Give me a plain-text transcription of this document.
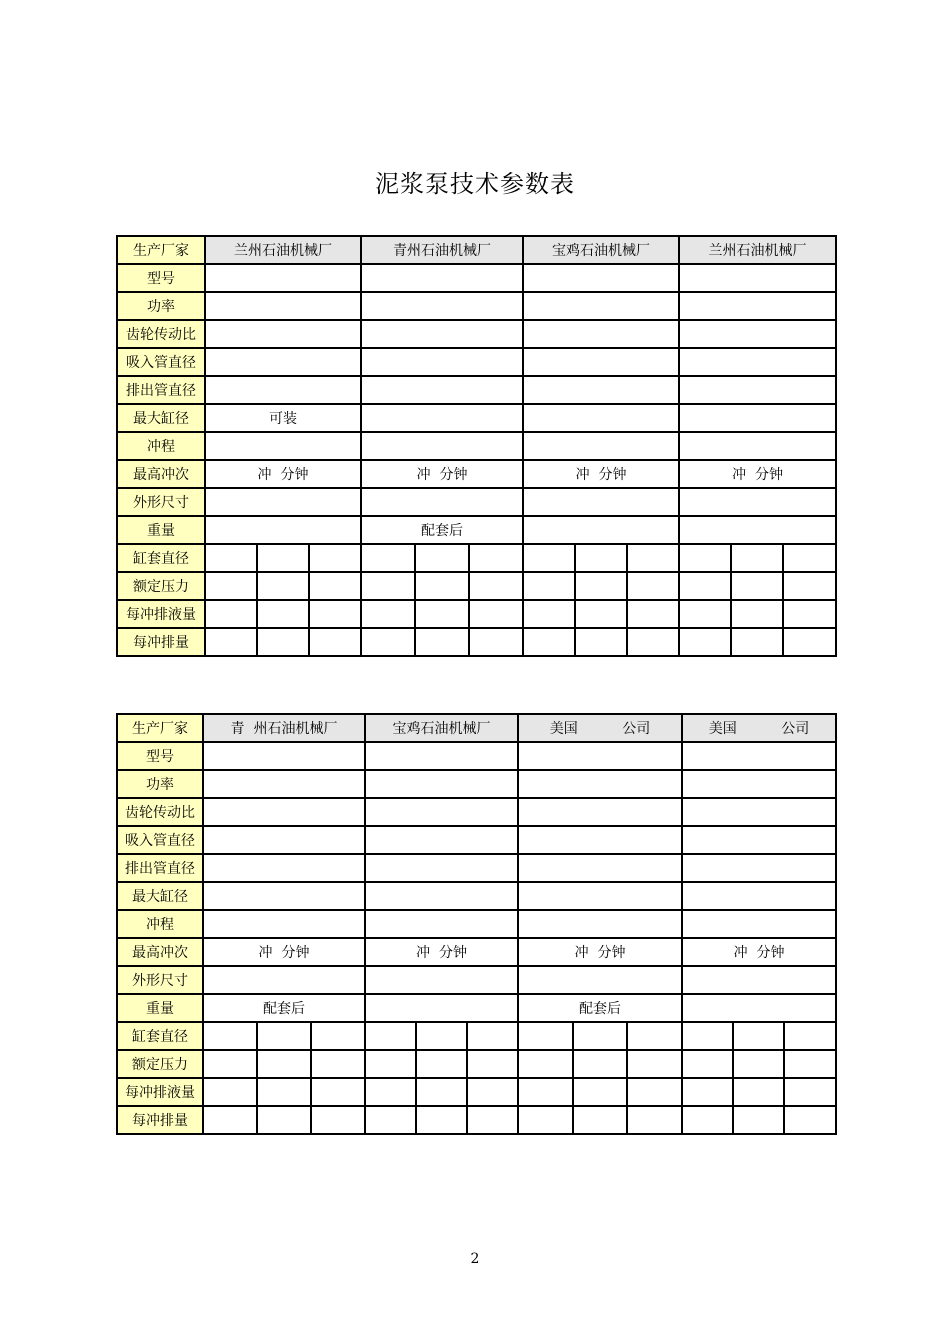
泥浆泵技术参数表
生产厂家	兰州石油机械厂			青州石油机械厂			宝鸡石油机械厂			兰州石油机械厂		
型号												
功率												
齿轮传动比												
吸入管直径												
排出管直径												
最大缸径	可装											
冲程												
最高冲次	冲  分钟			冲  分钟			冲  分钟			冲  分钟		
外形尺寸												
重量				配套后								
缸套直径												
额定压力												
每冲排液量												
每冲排量												
生产厂家	青  州石油机械厂			宝鸡石油机械厂			美国          公司			美国          公司		
型号												
功率												
齿轮传动比												
吸入管直径												
排出管直径												
最大缸径												
冲程												
最高冲次	冲  分钟			冲  分钟			冲  分钟			冲  分钟		
外形尺寸												
重量	配套后						配套后					
缸套直径												
额定压力												
每冲排液量												
每冲排量												
2
